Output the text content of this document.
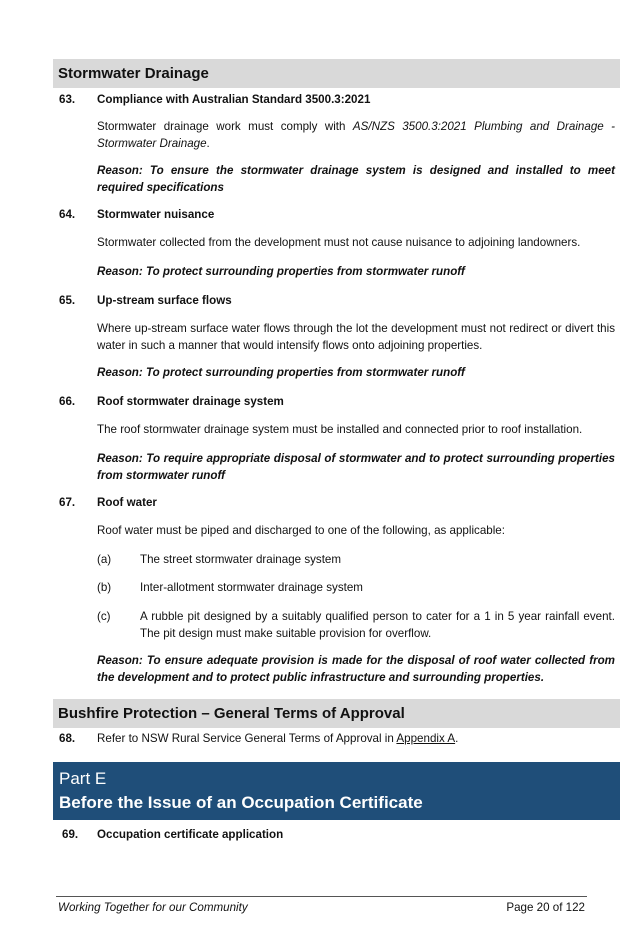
Stormwater Drainage
63. Compliance with Australian Standard 3500.3:2021
Stormwater drainage work must comply with AS/NZS 3500.3:2021 Plumbing and Drainage - Stormwater Drainage.
Reason: To ensure the stormwater drainage system is designed and installed to meet required specifications
64. Stormwater nuisance
Stormwater collected from the development must not cause nuisance to adjoining landowners.
Reason: To protect surrounding properties from stormwater runoff
65. Up-stream surface flows
Where up-stream surface water flows through the lot the development must not redirect or divert this water in such a manner that would intensify flows onto adjoining properties.
Reason: To protect surrounding properties from stormwater runoff
66. Roof stormwater drainage system
The roof stormwater drainage system must be installed and connected prior to roof installation.
Reason: To require appropriate disposal of stormwater and to protect surrounding properties from stormwater runoff
67. Roof water
Roof water must be piped and discharged to one of the following, as applicable:
(a) The street stormwater drainage system
(b) Inter-allotment stormwater drainage system
(c)	A rubble pit designed by a suitably qualified person to cater for a 1 in 5 year rainfall event. The pit design must make suitable provision for overflow.
Reason: To ensure adequate provision is made for the disposal of roof water collected from the development and to protect public infrastructure and surrounding properties.
Bushfire Protection – General Terms of Approval
68. Refer to NSW Rural Service General Terms of Approval in Appendix A.
Part E
Before the Issue of an Occupation Certificate
69. Occupation certificate application
Working Together for our Community	Page 20 of 122
